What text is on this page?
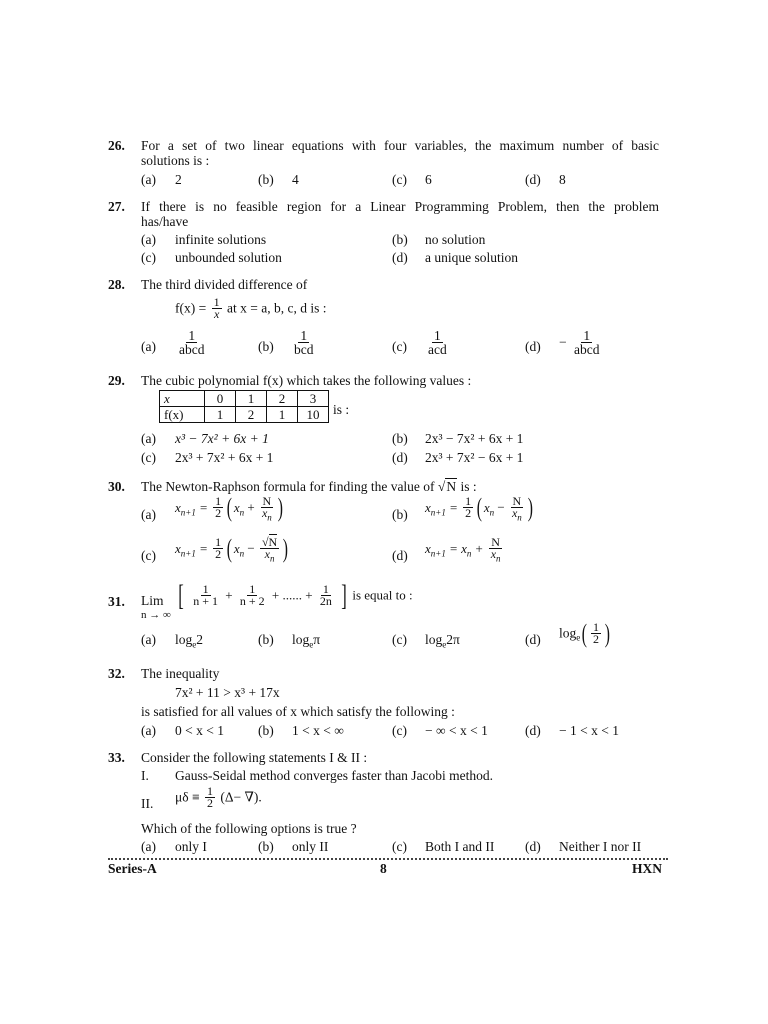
26. For a set of two linear equations with four variables, the maximum number of basic
solutions is :
(a) 2	(b) 4	(c) 6	(d) 8
27. If there is no feasible region for a Linear Programming Problem, then the problem
has/have
(a) infinite solutions	(b) no solution
(c) unbounded solution	(d) a unique solution
28. The third divided difference of
$f(x) = \frac{1}{x}$ at x = a, b, c, d is :
$(a) \frac{1}{\text{abcd}}$	$(b) \frac{1}{\text{bcd}}$	$(c) \frac{1}{\text{acd}}$	$(d) - \frac{1}{\text{abcd}}$
29. The cubic polynomial f(x) which takes the following values :
x	0	1	2	3
f(x)	1	2	1	10 is :
(a) x³ − 7x² + 6x + 1	(b) 2x³ − 7x² + 6x + 1
(c) 2x³ + 7x² + 6x + 1	(d) 2x³ + 7x² − 6x + 1
30. The Newton-Raphson formula for finding the value of √N is :
(a) $x_{n+1} = \frac{1}{2}$ ( $x_n + \frac{N}{x_n}$ )	(b) $x_{n+1} = \frac{1}{2}$ ( $x_n - \frac{N}{x_n}$ )
(c) $x_{n+1} = \frac{1}{2}$ ( $x_n - \frac{√N}{x_n}$ )	(d) $x_{n+1} = x_n + \frac{N}{x_n}$
31. Lim
n → ∞
[ $\frac{1}{n + 1} + \frac{1}{n + 2}$ + ...... + $\frac{1}{2n}$ ] is equal to :
(a) $\log_e2$	(b) $\log_e\pi$	(c) $\log_e2\pi$	(d) $\log_e( \frac{1}{2}$ )
32. The inequality
7x² + 11 > x³ + 17x
is satisfied for all values of x which satisfy the following :
(a) 0 < x < 1	(b) 1 < x < ∞	(c) − ∞ < x < 1	(d) − 1 < x < 1
33. Consider the following statements I & II :
I. Gauss-Seidal method converges faster than Jacobi method.
II. $\mu\delta \equiv \frac{1}{2} (\Delta-$ ∇).
Which of the following options is true ?
(a) only I	(b) only II	(c) Both I and II (d) Neither I nor II
Series-A	8	HXN
